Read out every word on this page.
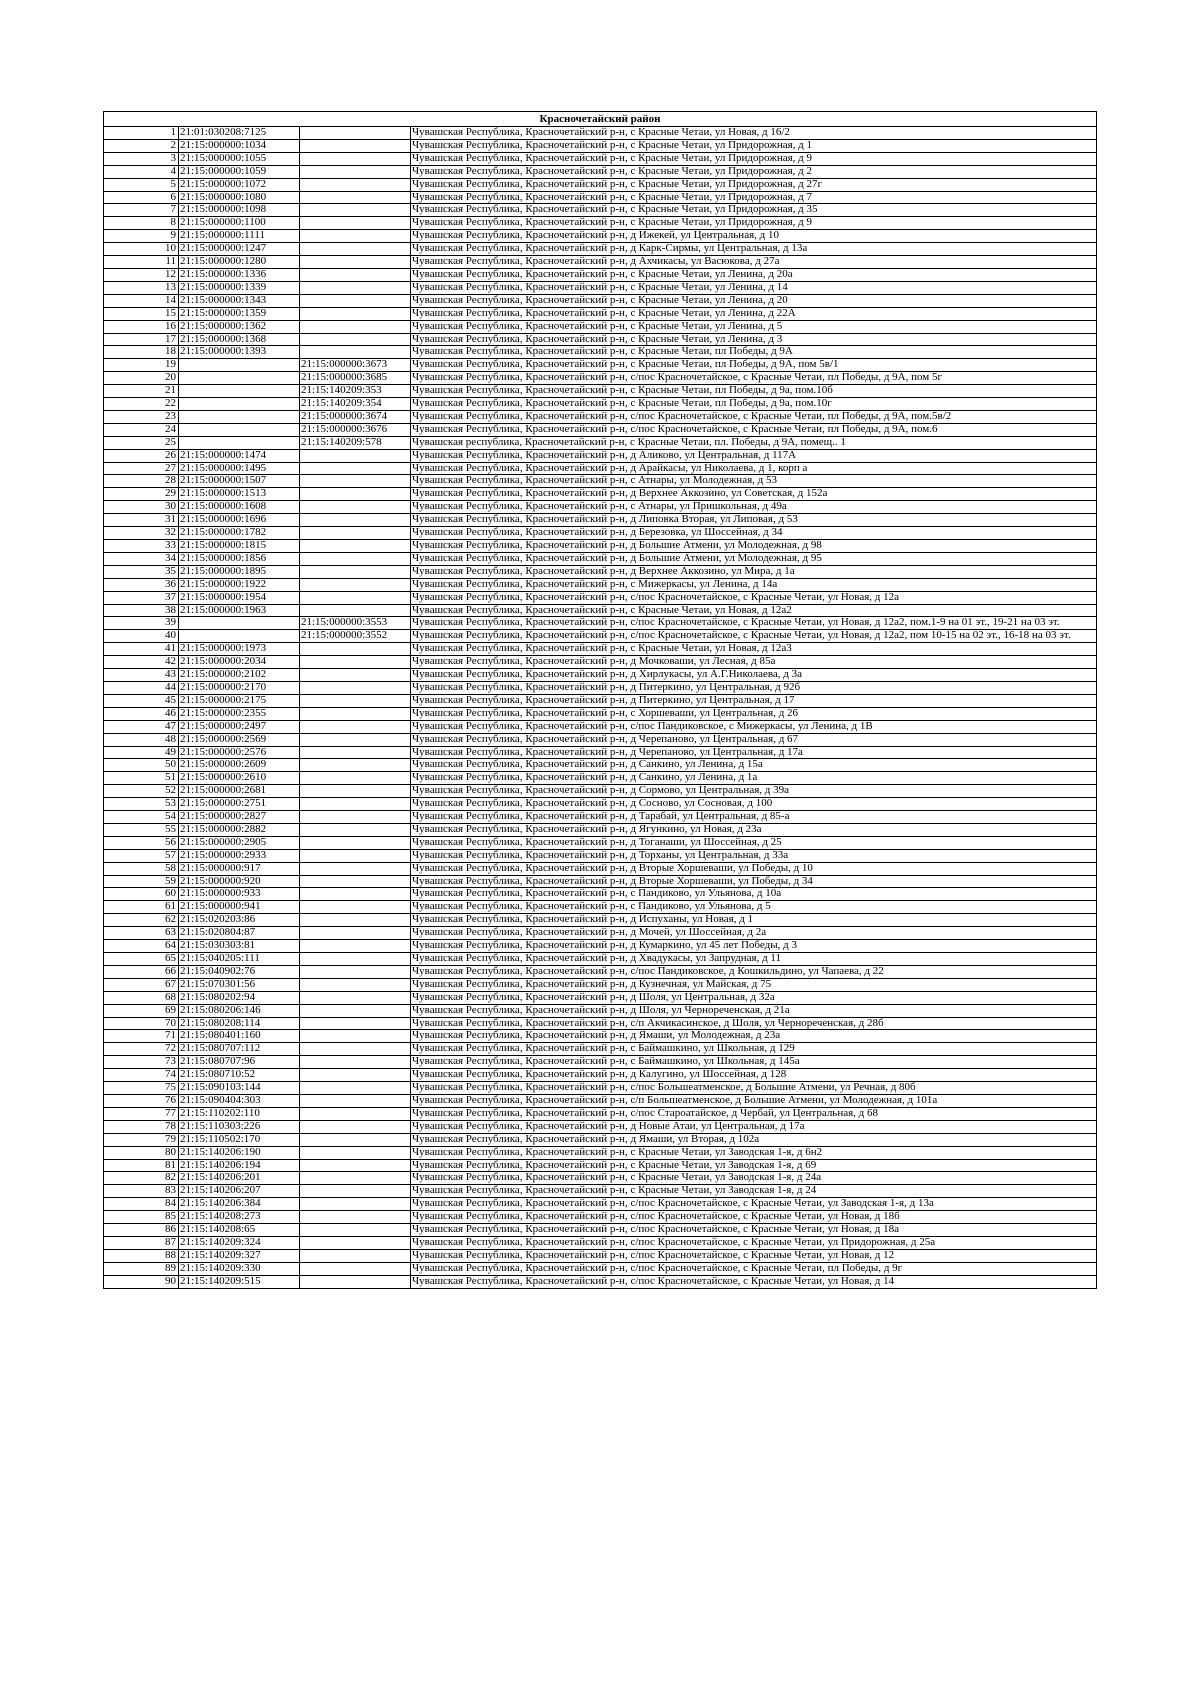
Красночетайский район			
1	21:01:030208:7125		Чувашская Республика, Красночетайский р-н, с Красные Четаи, ул Новая, д 16/2
2	21:15:000000:1034		Чувашская Республика, Красночетайский р-н, с Красные Четаи, ул Придорожная, д 1
3	21:15:000000:1055		Чувашская Республика, Красночетайский р-н, с Красные Четаи, ул Придорожная, д 9
4	21:15:000000:1059		Чувашская Республика, Красночетайский р-н, с Красные Четаи, ул Придорожная, д 2
5	21:15:000000:1072		Чувашская Республика, Красночетайский р-н, с Красные Четаи, ул Придорожная, д 27г
6	21:15:000000:1080		Чувашская Республика, Красночетайский р-н, с Красные Четаи, ул Придорожная, д 7
7	21:15:000000:1098		Чувашская Республика, Красночетайский р-н, с Красные Четаи, ул Придорожная, д 35
8	21:15:000000:1100		Чувашская Республика, Красночетайский р-н, с Красные Четаи, ул Придорожная, д 9
9	21:15:000000:1111		Чувашская Республика, Красночетайский р-н, д Ижекей, ул Центральная, д 10
10	21:15:000000:1247		Чувашская Республика, Красночетайский р-н, д Карк-Сирмы, ул Центральная, д 13а
11	21:15:000000:1280		Чувашская Республика, Красночетайский р-н, д Ахчикасы, ул Васюкова, д 27а
12	21:15:000000:1336		Чувашская Республика, Красночетайский р-н, с Красные Четаи, ул Ленина, д 20а
13	21:15:000000:1339		Чувашская Республика, Красночетайский р-н, с Красные Четаи, ул Ленина, д 14
14	21:15:000000:1343		Чувашская Республика, Красночетайский р-н, с Красные Четаи, ул Ленина, д 20
15	21:15:000000:1359		Чувашская Республика, Красночетайский р-н, с Красные Четаи, ул Ленина, д 22А
16	21:15:000000:1362		Чувашская Республика, Красночетайский р-н, с Красные Четаи, ул Ленина, д 5
17	21:15:000000:1368		Чувашская Республика, Красночетайский р-н, с Красные Четаи, ул Ленина, д 3
18	21:15:000000:1393		Чувашская Республика, Красночетайский р-н, с Красные Четаи, пл Победы, д 9А
19		21:15:000000:3673	Чувашская Республика, Красночетайский р-н, с Красные Четаи, пл Победы, д 9А, пом 5в/1
20		21:15:000000:3685	Чувашская Республика, Красночетайский р-н, с/пос Красночетайское, с Красные Четаи, пл Победы, д 9А, пом 5г
21		21:15:140209:353	Чувашская Республика, Красночетайский р-н, с Красные Четаи, пл Победы, д 9а, пом.10б
22		21:15:140209:354	Чувашская Республика, Красночетайский р-н, с Красные Четаи, пл Победы, д 9а, пом.10г
23		21:15:000000:3674	Чувашская Республика, Красночетайский р-н, с/пос Красночетайское, с Красные Четаи, пл Победы, д 9А, пом.5в/2
24		21:15:000000:3676	Чувашская Республика, Красночетайский р-н, с/пос Красночетайское, с Красные Четаи, пл Победы, д 9А, пом.6
25		21:15:140209:578	Чувашская республика, Красночетайский р-н, с Красные Четаи, пл. Победы, д 9А, помещ.. 1
26	21:15:000000:1474		Чувашская Республика, Красночетайский р-н, д Аликово, ул Центральная, д 117А
27	21:15:000000:1495		Чувашская Республика, Красночетайский р-н, д Арайкасы, ул Николаева, д 1, корп а
28	21:15:000000:1507		Чувашская Республика, Красночетайский р-н, с Атнары, ул Молодежная, д 53
29	21:15:000000:1513		Чувашская Республика, Красночетайский р-н, д Верхнее Аккозино, ул Советская, д 152а
30	21:15:000000:1608		Чувашская Республика, Красночетайский р-н, с Атнары, ул Пришкольная, д 49а
31	21:15:000000:1696		Чувашская Республика, Красночетайский р-н, д Липовка Вторая, ул Липовая, д 53
32	21:15:000000:1782		Чувашская Республика, Красночетайский р-н, д Березовка, ул Шоссейная, д 34
33	21:15:000000:1815		Чувашская Республика, Красночетайский р-н, д Большие Атмени, ул Молодежная, д 98
34	21:15:000000:1856		Чувашская Республика, Красночетайский р-н, д Большие Атмени, ул Молодежная, д 95
35	21:15:000000:1895		Чувашская Республика, Красночетайский р-н, д Верхнее Аккозино, ул Мира, д 1а
36	21:15:000000:1922		Чувашская Республика, Красночетайский р-н, с Мижеркасы, ул Ленина, д 14а
37	21:15:000000:1954		Чувашская Республика, Красночетайский р-н, с/пос Красночетайское, с Красные Четаи, ул Новая, д 12а
38	21:15:000000:1963		Чувашская Республика, Красночетайский р-н, с Красные Четаи, ул Новая, д 12а2
39		21:15:000000:3553	Чувашская Республика, Красночетайский р-н, с/пос Красночетайское, с Красные Четаи, ул Новая, д 12а2, пом.1-9 на 01 эт., 19-21 на 03 эт.
40		21:15:000000:3552	Чувашская Республика, Красночетайский р-н, с/пос Красночетайское, с Красные Четаи, ул Новая, д 12а2, пом 10-15 на 02 эт., 16-18 на 03 эт.
41	21:15:000000:1973		Чувашская Республика, Красночетайский р-н, с Красные Четаи, ул Новая, д 12а3
42	21:15:000000:2034		Чувашская Республика, Красночетайский р-н, д Мочковаши, ул Лесная, д 85а
43	21:15:000000:2102		Чувашская Республика, Красночетайский р-н, д Хирлукасы, ул А.Г.Николаева, д 3а
44	21:15:000000:2170		Чувашская Республика, Красночетайский р-н, д Питеркино, ул Центральная, д 92б
45	21:15:000000:2175		Чувашская Республика, Красночетайский р-н, д Питеркино, ул Центральная, д 17
46	21:15:000000:2355		Чувашская Республика, Красночетайский р-н, с Хоршеваши, ул Центральная, д 26
47	21:15:000000:2497		Чувашская Республика, Красночетайский р-н, с/пос Пандиковское, с Мижеркасы, ул Ленина, д 1В
48	21:15:000000:2569		Чувашская Республика, Красночетайский р-н, д Черепаново, ул Центральная, д 67
49	21:15:000000:2576		Чувашская Республика, Красночетайский р-н, д Черепаново, ул Центральная, д 17а
50	21:15:000000:2609		Чувашская Республика, Красночетайский р-н, д Санкино, ул Ленина, д 15а
51	21:15:000000:2610		Чувашская Республика, Красночетайский р-н, д Санкино, ул Ленина, д 1а
52	21:15:000000:2681		Чувашская Республика, Красночетайский р-н, д Сормово, ул Центральная, д 39а
53	21:15:000000:2751		Чувашская Республика, Красночетайский р-н, д Сосново, ул Сосновая, д 100
54	21:15:000000:2827		Чувашская Республика, Красночетайский р-н, д Тарабай, ул Центральная, д 85-а
55	21:15:000000:2882		Чувашская Республика, Красночетайский р-н, д Ягункино, ул Новая, д 23а
56	21:15:000000:2905		Чувашская Республика, Красночетайский р-н, д Тоганаши, ул Шоссейная, д 25
57	21:15:000000:2933		Чувашская Республика, Красночетайский р-н, д Торханы, ул Центральная, д 33а
58	21:15:000000:917		Чувашская Республика, Красночетайский р-н, д Вторые Хоршеваши, ул Победы, д 10
59	21:15:000000:920		Чувашская Республика, Красночетайский р-н, д Вторые Хоршеваши, ул Победы, д 34
60	21:15:000000:933		Чувашская Республика, Красночетайский р-н, с Пандиково, ул Ульянова, д 10а
61	21:15:000000:941		Чувашская Республика, Красночетайский р-н, с Пандиково, ул Ульянова, д 5
62	21:15:020203:86		Чувашская Республика, Красночетайский р-н, д Испуханы, ул Новая, д 1
63	21:15:020804:87		Чувашская Республика, Красночетайский р-н, д Мочей, ул Шоссейная, д 2а
64	21:15:030303:81		Чувашская Республика, Красночетайский р-н, д Кумаркино, ул 45 лет Победы, д 3
65	21:15:040205:111		Чувашская Республика, Красночетайский р-н, д Хвадукасы, ул Запрудная, д 11
66	21:15:040902:76		Чувашская Республика, Красночетайский р-н, с/пос Пандиковское, д Кошкильдино, ул Чапаева, д 22
67	21:15:070301:56		Чувашская Республика, Красночетайский р-н, д Кузнечная, ул Майская, д 75
68	21:15:080202:94		Чувашская Республика, Красночетайский р-н, д Шоля, ул Центральная, д 32а
69	21:15:080206:146		Чувашская Республика, Красночетайский р-н, д Шоля, ул Чернореченская, д 21а
70	21:15:080208:114		Чувашская Республика, Красночетайский р-н, с/п Акчикасинское, д Шоля, ул Чернореченская, д 28б
71	21:15:080401:160		Чувашская Республика, Красночетайский р-н, д Ямаши, ул Молодежная, д 23а
72	21:15:080707:112		Чувашская Республика, Красночетайский р-н, с Баймашкино, ул Школьная, д 129
73	21:15:080707:96		Чувашская Республика, Красночетайский р-н, с Баймашкино, ул Школьная, д 145а
74	21:15:080710:52		Чувашская Республика, Красночетайский р-н, д Калугино, ул Шоссейная, д 128
75	21:15:090103:144		Чувашская Республика, Красночетайский р-н, с/пос Большеатменское, д Большие Атмени, ул Речная, д 80б
76	21:15:090404:303		Чувашская Республика, Красночетайский р-н, с/п Большеатменское, д Большие Атмени, ул Молодежная, д 101а
77	21:15:110202:110		Чувашская Республика, Красночетайский р-н, с/пос Староатайское, д Чербай, ул Центральная, д 68
78	21:15:110303:226		Чувашская Республика, Красночетайский р-н, д Новые Атаи, ул Центральная, д 17а
79	21:15:110502:170		Чувашская Республика, Красночетайский р-н, д Ямаши, ул Вторая, д 102а
80	21:15:140206:190		Чувашская Республика, Красночетайский р-н, с Красные Четаи, ул Заводская 1-я, д 6н2
81	21:15:140206:194		Чувашская Республика, Красночетайский р-н, с Красные Четаи, ул Заводская 1-я, д 69
82	21:15:140206:201		Чувашская Республика, Красночетайский р-н, с Красные Четаи, ул Заводская 1-я, д 24а
83	21:15:140206:207		Чувашская Республика, Красночетайский р-н, с Красные Четаи, ул Заводская 1-я, д 24
84	21:15:140206:384		Чувашская Республика, Красночетайский р-н, с/пос Красночетайское, с Красные Четаи, ул Заводская 1-я, д 13а
85	21:15:140208:273		Чувашская Республика, Красночетайский р-н, с/пос Красночетайское, с Красные Четаи, ул Новая, д 18б
86	21:15:140208:65		Чувашская Республика, Красночетайский р-н, с/пос Красночетайское, с Красные Четаи, ул Новая, д 18а
87	21:15:140209:324		Чувашская Республика, Красночетайский р-н, с/пос Красночетайское, с Красные Четаи, ул Придорожная, д 25а
88	21:15:140209:327		Чувашская Республика, Красночетайский р-н, с/пос Красночетайское, с Красные Четаи, ул Новая, д 12
89	21:15:140209:330		Чувашская Республика, Красночетайский р-н, с/пос Красночетайское, с Красные Четаи, пл Победы, д 9г
90	21:15:140209:515		Чувашская Республика, Красночетайский р-н, с/пос Красночетайское, с Красные Четаи, ул Новая, д 14
